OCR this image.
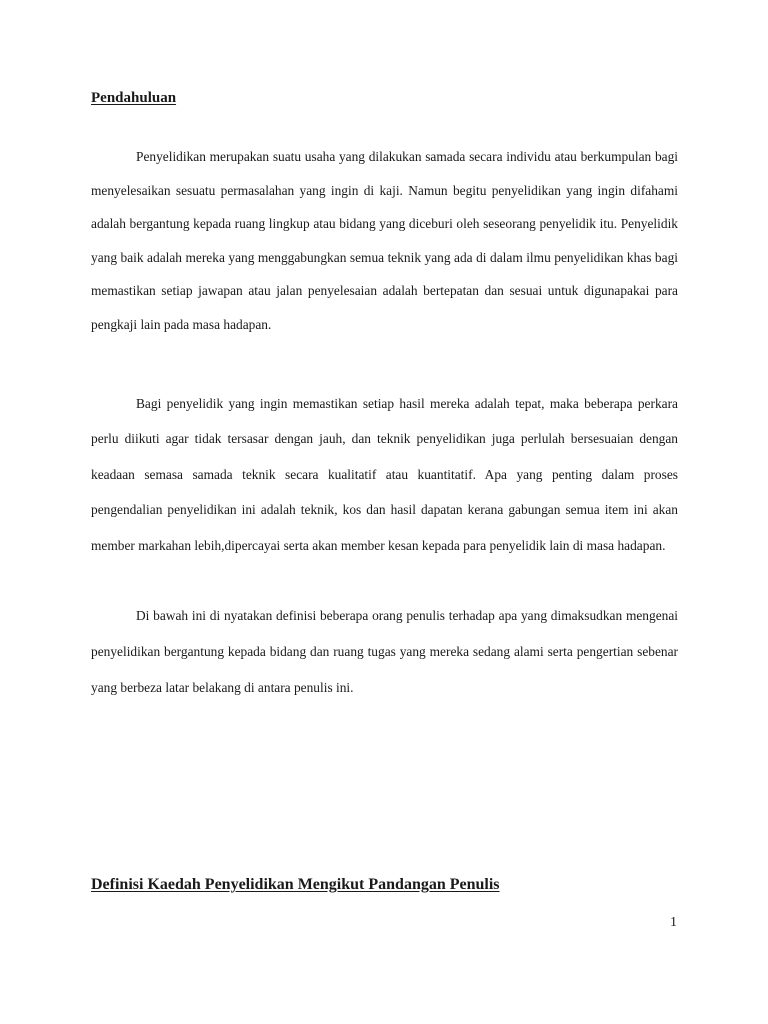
Pendahuluan

Penyelidikan merupakan suatu usaha yang dilakukan samada secara individu atau berkumpulan bagi menyelesaikan sesuatu permasalahan yang ingin di kaji. Namun begitu penyelidikan yang ingin difahami adalah bergantung kepada ruang lingkup atau bidang yang diceburi oleh seseorang penyelidik itu. Penyelidik yang baik adalah mereka yang menggabungkan semua teknik yang ada di dalam ilmu penyelidikan khas bagi memastikan setiap jawapan atau jalan penyelesaian adalah bertepatan dan sesuai untuk digunapakai para pengkaji lain pada masa hadapan.

Bagi penyelidik yang ingin memastikan setiap hasil mereka adalah tepat, maka beberapa perkara perlu diikuti agar tidak tersasar dengan jauh, dan teknik penyelidikan juga perlulah bersesuaian dengan keadaan semasa samada teknik secara kualitatif atau kuantitatif. Apa yang penting dalam proses pengendalian penyelidikan ini adalah teknik, kos dan hasil dapatan kerana gabungan semua item ini akan member markahan lebih,dipercayai serta akan member kesan kepada para penyelidik lain di masa hadapan.

Di bawah ini di nyatakan definisi beberapa orang penulis terhadap apa yang dimaksudkan mengenai penyelidikan bergantung kepada bidang dan ruang tugas yang mereka sedang alami serta pengertian sebenar yang berbeza latar belakang di antara penulis ini.

Definisi Kaedah Penyelidikan Mengikut Pandangan Penulis

1
